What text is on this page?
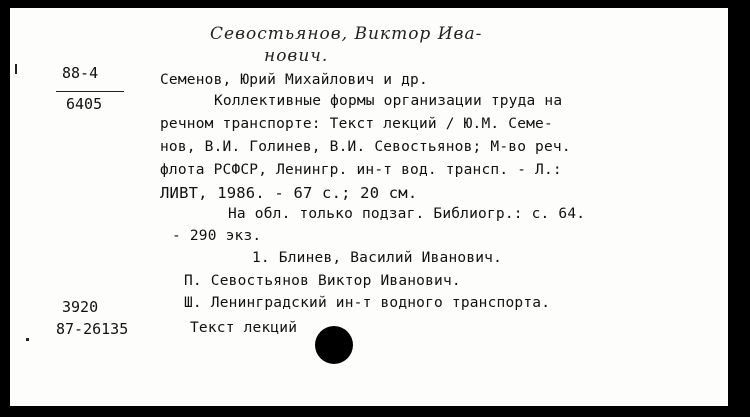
Севостьянов, Виктор Ива-
нович.
88-4
6405
Семенов, Юрий Михайлович и др.
Коллективные формы организации труда на
речном транспорте: Текст лекций / Ю.М. Семе-
нов, В.И. Голинев, В.И. Севостьянов; М-во реч.
флота РСФСР, Ленингр. ин-т вод. трансп. - Л.:
ЛИВТ, 1986. - 67 с.; 20 см.
На обл. только подзаг. Библиогр.: с. 64.
- 290 экз.
1. Блинев, Василий Иванович.
П. Севостьянов Виктор Иванович.
Ш. Ленинградский ин-т водного транспорта.
Текст лекций
3920
87-26135
